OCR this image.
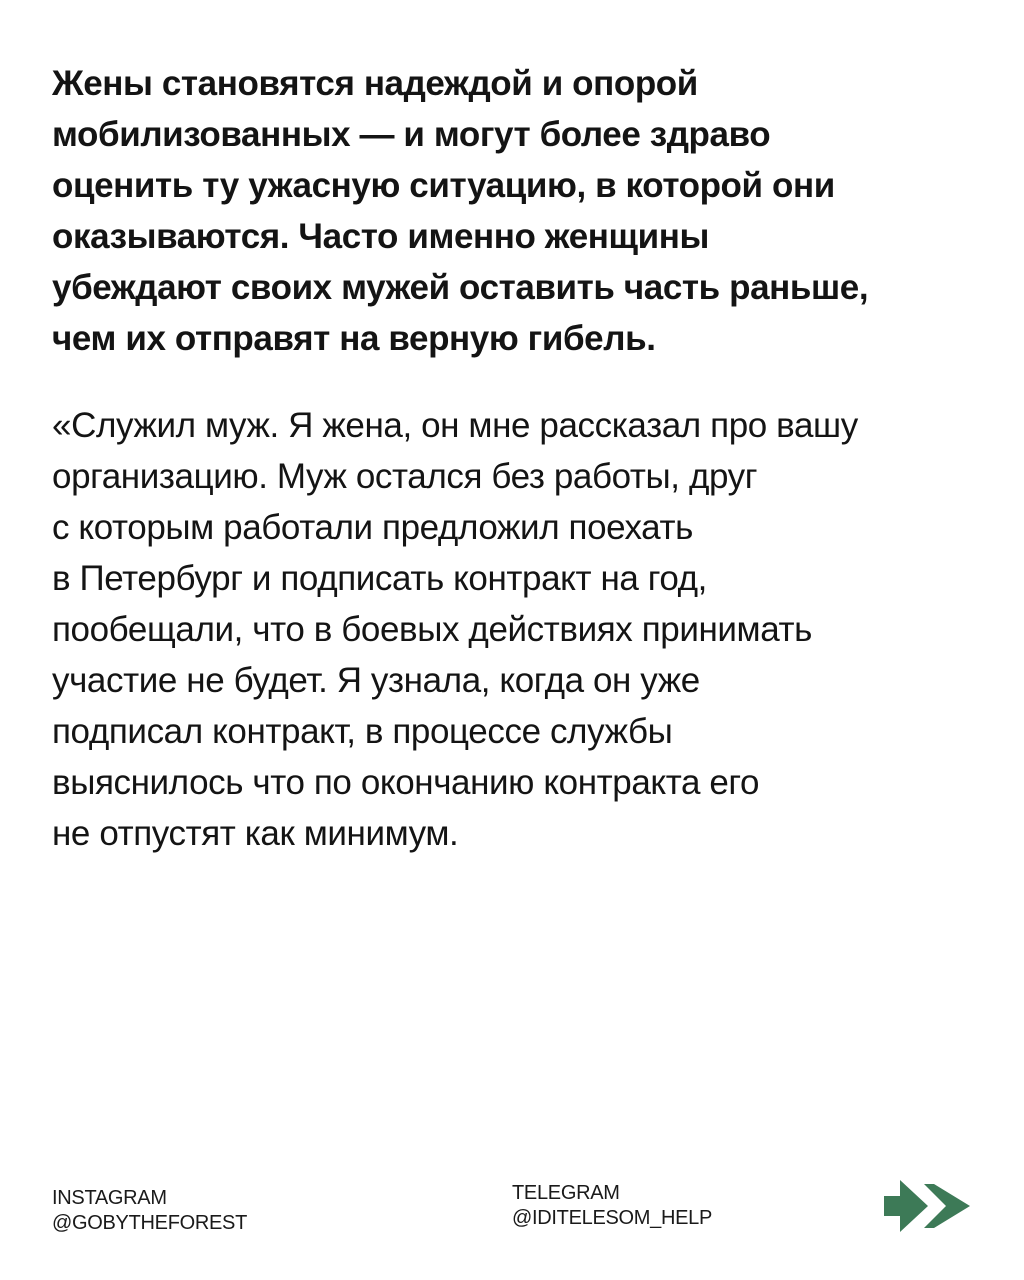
Жены становятся надеждой и опорой
мобилизованных — и могут более здраво
оценить ту ужасную ситуацию, в которой они
оказываются. Часто именно женщины
убеждают своих мужей оставить часть раньше,
чем их отправят на верную гибель.

«Служил муж. Я жена, он мне рассказал про вашу
организацию. Муж остался без работы, друг
с которым работали предложил поехать
в Петербург и подписать контракт на год,
пообещали, что в боевых действиях принимать
участие не будет. Я узнала, когда он уже
подписал контракт, в процессе службы
выяснилось что по окончанию контракта его
не отпустят как минимум.

INSTAGRAM
@GOBYTHEFOREST
TELEGRAM
@IDITELESOM_HELP
